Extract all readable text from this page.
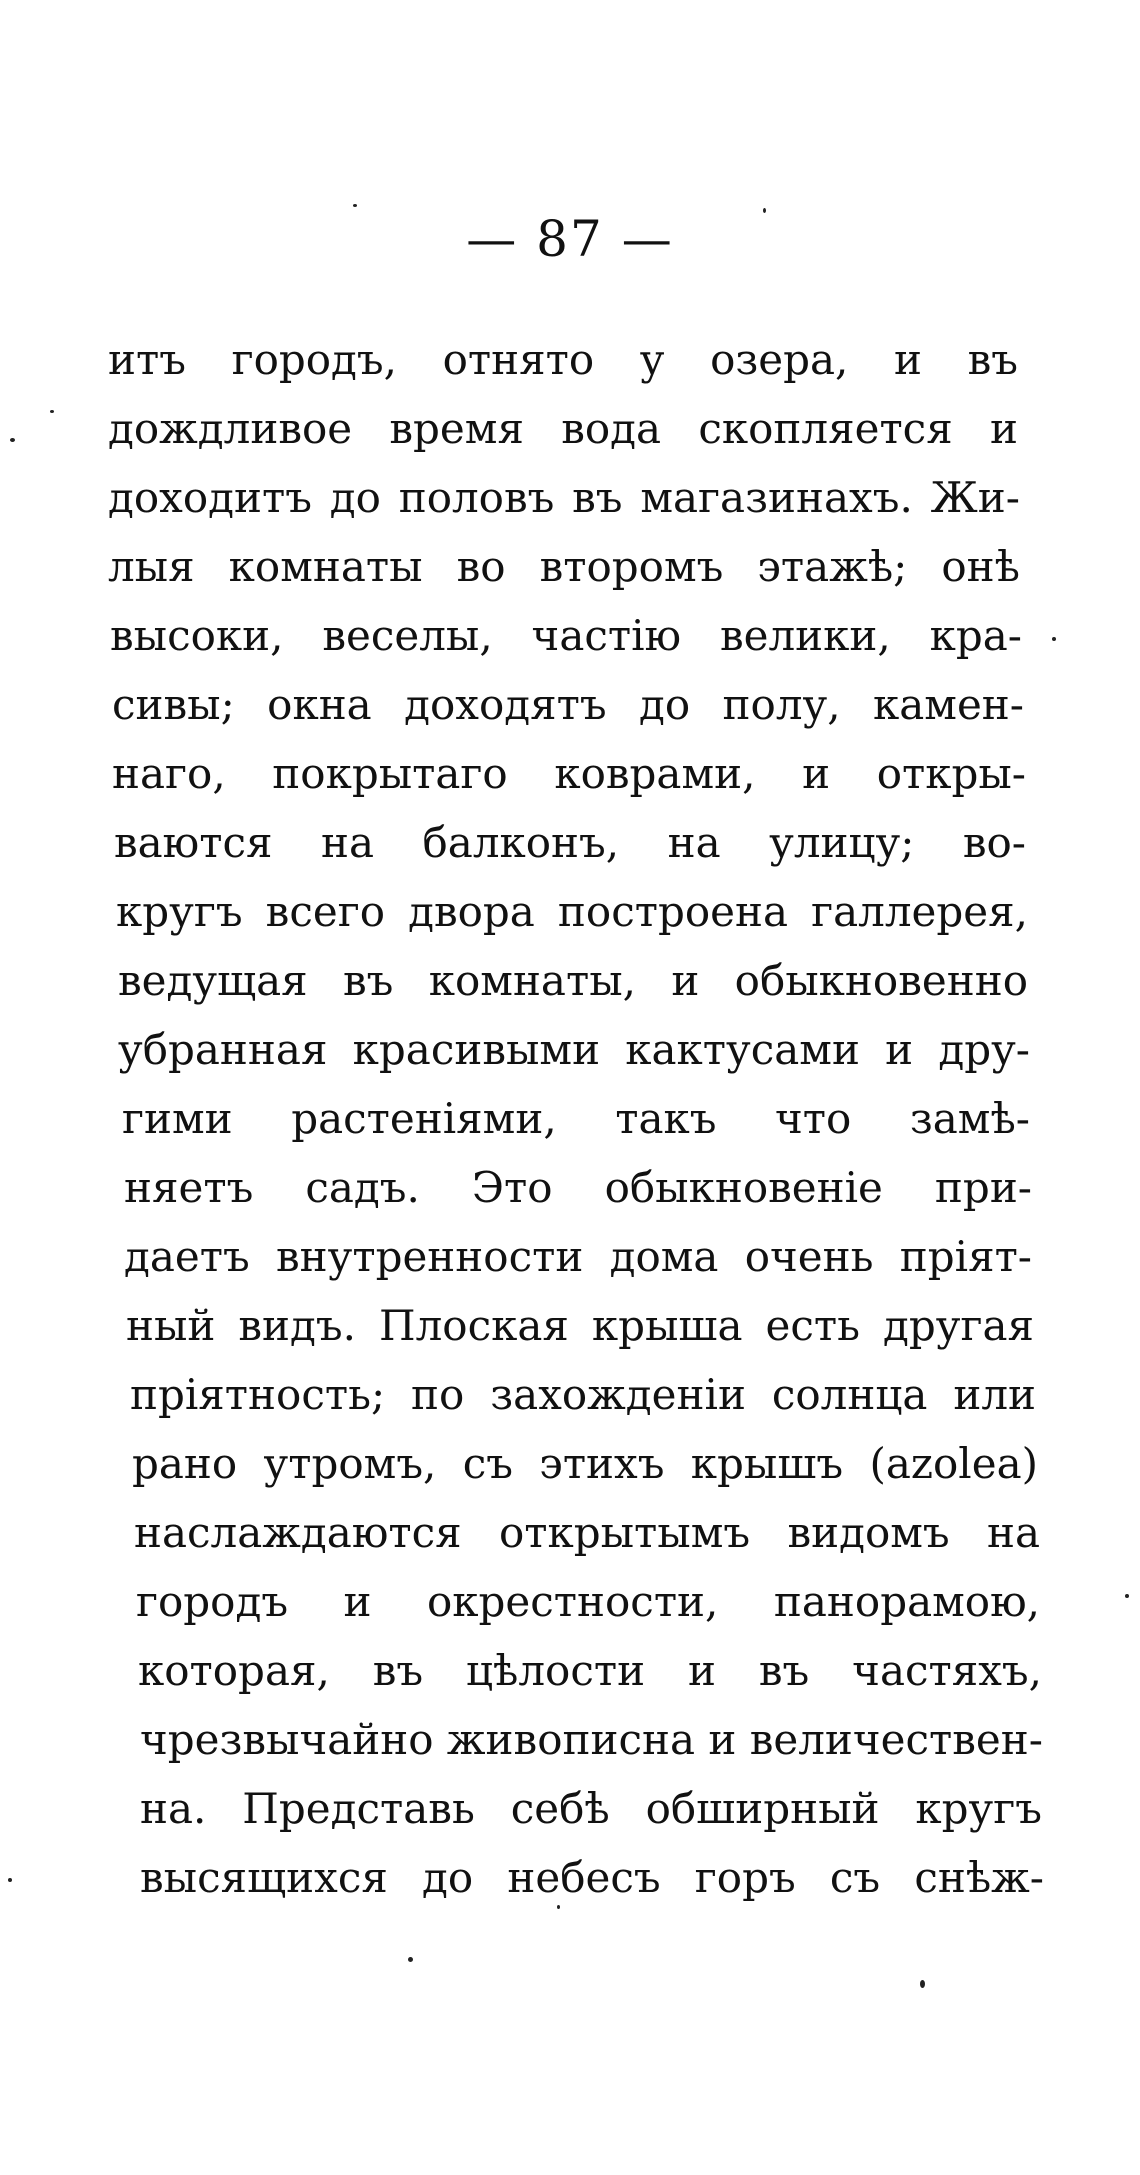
— 87 —
итъ городъ, отнято у озера, и въ
дождливое время вода скопляется и
доходитъ до половъ въ магазинахъ. Жи-
лыя комнаты во второмъ этажѣ; онѣ
высоки, веселы, частію велики, кра-
сивы; окна доходятъ до полу, камен-
наго, покрытаго коврами, и откры-
ваются на балконъ, на улицу; во-
кругъ всего двора построена галлерея,
ведущая въ комнаты, и обыкновенно
убранная красивыми кактусами и дру-
гими растеніями, такъ что замѣ-
няетъ садъ. Это обыкновеніе при-
даетъ внутренности дома очень пріят-
ный видъ. Плоская крыша есть другая
пріятность; по захожденіи солнца или
рано утромъ, съ этихъ крышъ (azolea)
наслаждаются открытымъ видомъ на
городъ и окрестности, панорамою,
которая, въ цѣлости и въ частяхъ,
чрезвычайно живописна и величествен-
на. Представь себѣ обширный кругъ
высящихся до небесъ горъ съ снѣж-
